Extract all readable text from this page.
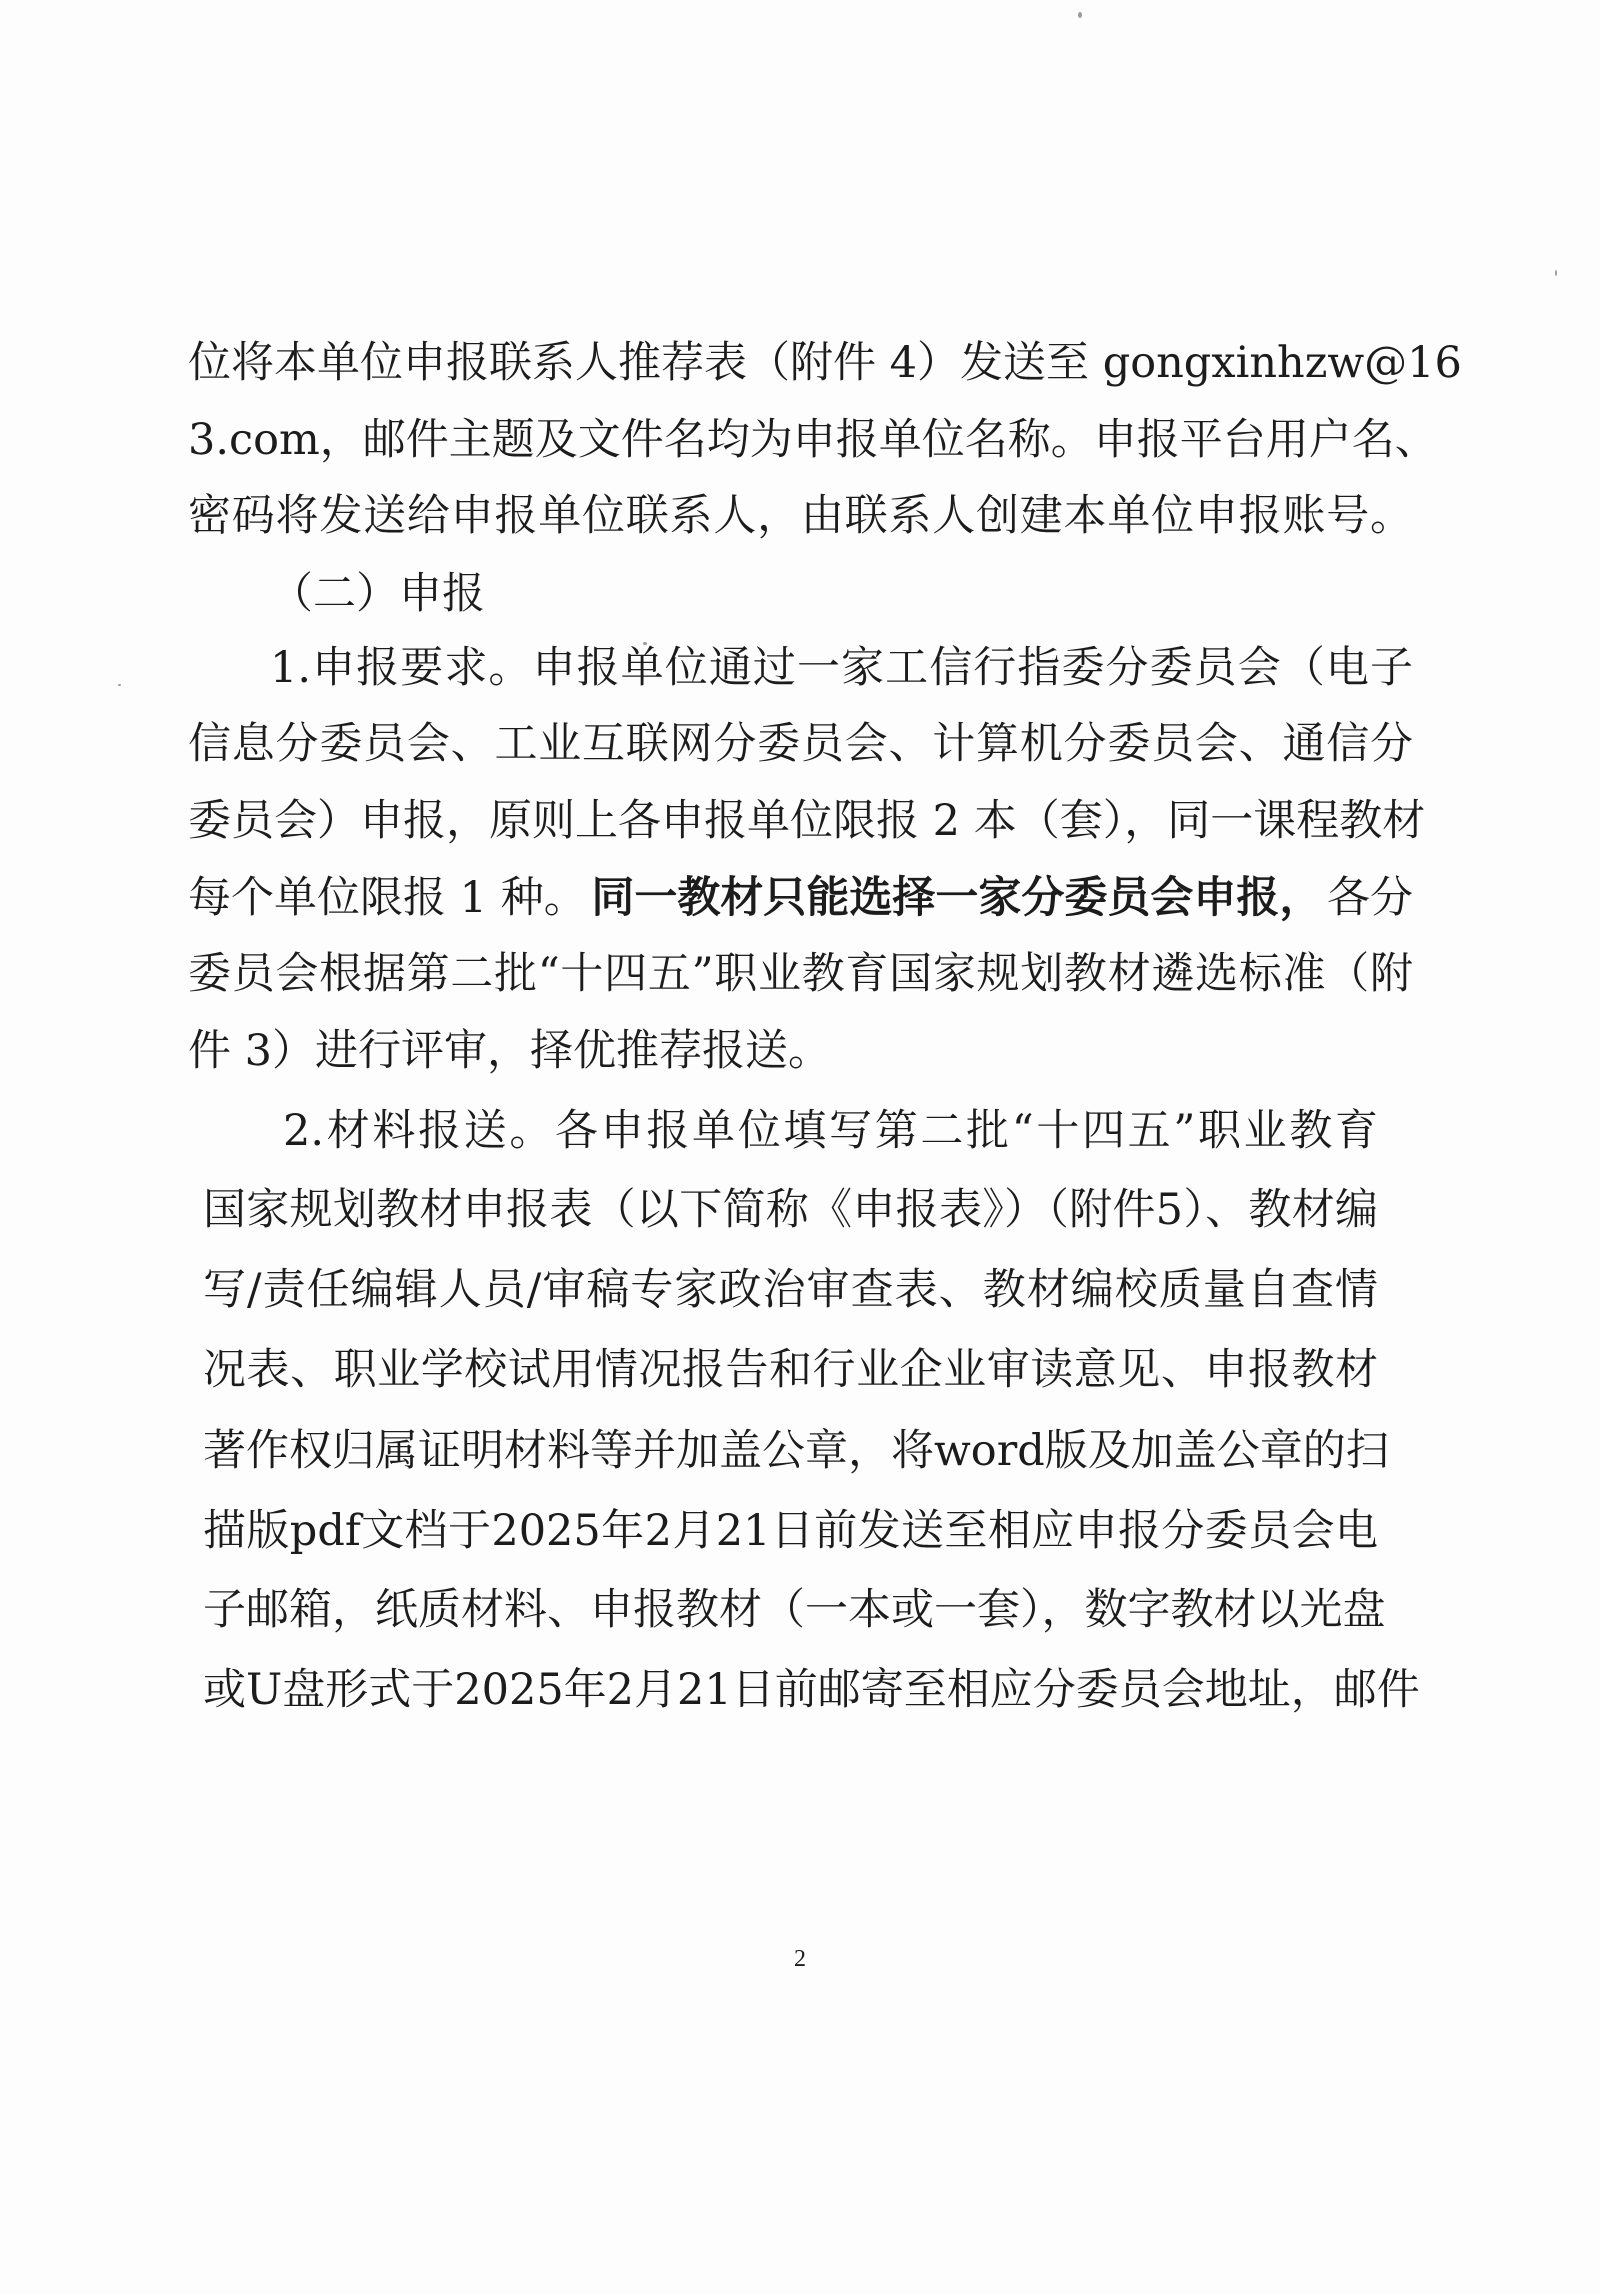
位将本单位申报联系人推荐表（附件 4）发送至 gongxinhzw@16
3.com，邮件主题及文件名均为申报单位名称。申报平台用户名、
密码将发送给申报单位联系人，由联系人创建本单位申报账号。
（二）申报
1.申报要求。申报单位通过一家工信行指委分委员会（电子
信息分委员会、工业互联网分委员会、计算机分委员会、通信分
委员会）申报，原则上各申报单位限报 2 本（套），同一课程教材
每个单位限报 1 种。 同一教材只能选择一家分委员会申报， 各分
委员会根据第二批“十四五”职业教育国家规划教材遴选标准（附
件 3）进行评审，择优推荐报送。
2.材料报送。各申报单位填写第二批“十四五”职业教育
国家规划教材申报表（以下简称《申报表》）（附件5）、教材编
写/责任编辑人员/审稿专家政治审查表、教材编校质量自查情
况表、职业学校试用情况报告和行业企业审读意见、申报教材
著作权归属证明材料等并加盖公章，将word版及加盖公章的扫
描版pdf文档于2025年2月21日前发送至相应申报分委员会电
子邮箱，纸质材料、申报教材（一本或一套），数字教材以光盘
或U盘形式于2025年2月21日前邮寄至相应分委员会地址，邮件
2
